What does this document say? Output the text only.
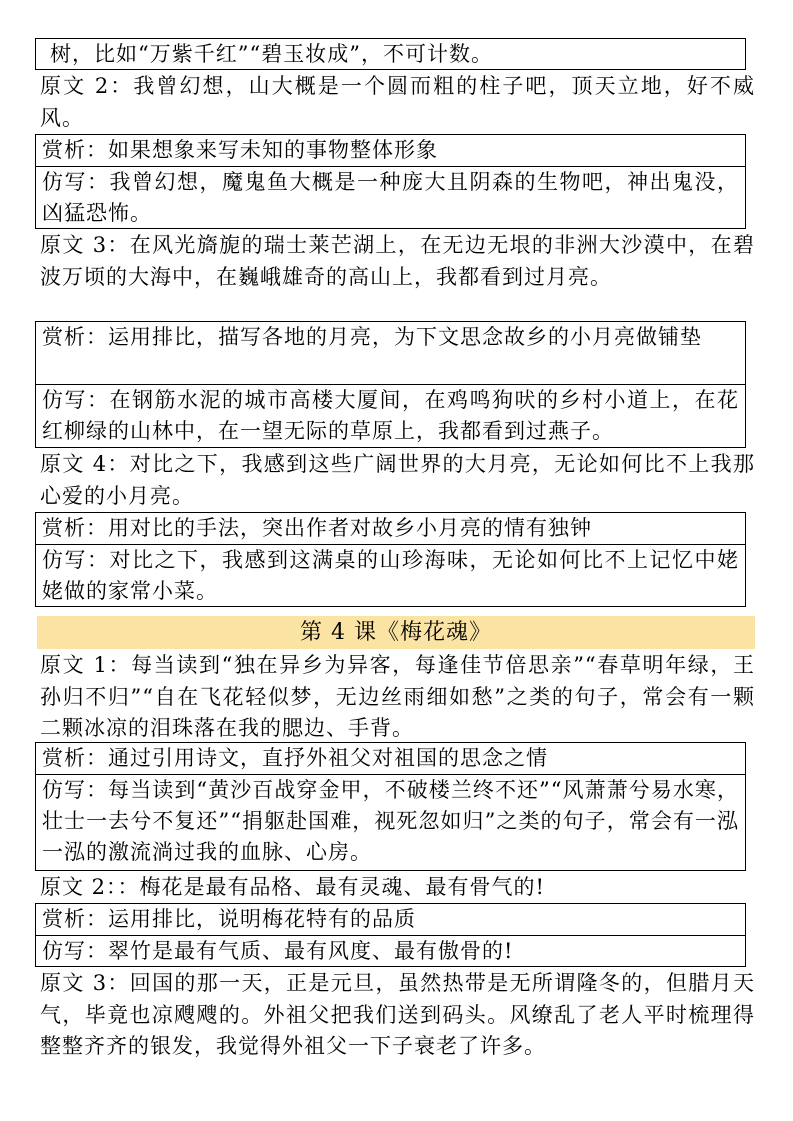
树，比如“万紫千红”“碧玉妆成”，不可计数。

原文 2：我曾幻想，山大概是一个圆而粗的柱子吧，顶天立地，好不威风。

赏析：如果想象来写未知的事物整体形象

仿写：我曾幻想，魔鬼鱼大概是一种庞大且阴森的生物吧，神出鬼没，凶猛恐怖。

原文 3：在风光旖旎的瑞士莱芒湖上，在无边无垠的非洲大沙漠中，在碧波万顷的大海中，在巍峨雄奇的高山上，我都看到过月亮。

赏析：运用排比，描写各地的月亮，为下文思念故乡的小月亮做铺垫

仿写：在钢筋水泥的城市高楼大厦间，在鸡鸣狗吠的乡村小道上，在花红柳绿的山林中，在一望无际的草原上，我都看到过燕子。

原文 4：对比之下，我感到这些广阔世界的大月亮，无论如何比不上我那心爱的小月亮。

赏析：用对比的手法，突出作者对故乡小月亮的情有独钟

仿写：对比之下，我感到这满桌的山珍海味，无论如何比不上记忆中姥姥做的家常小菜。

第 4 课《梅花魂》

原文 1：每当读到“独在异乡为异客，每逢佳节倍思亲”“春草明年绿，王孙归不归”“自在飞花轻似梦，无边丝雨细如愁”之类的句子，常会有一颗二颗冰凉的泪珠落在我的腮边、手背。

赏析：通过引用诗文，直抒外祖父对祖国的思念之情

仿写：每当读到“黄沙百战穿金甲，不破楼兰终不还”“风萧萧兮易水寒，壮士一去兮不复还”“捐躯赴国难，视死忽如归”之类的句子，常会有一泓一泓的激流淌过我的血脉、心房。

原文 2：：梅花是最有品格、最有灵魂、最有骨气的!

赏析：运用排比，说明梅花特有的品质

仿写：翠竹是最有气质、最有风度、最有傲骨的!

原文 3：回国的那一天，正是元旦，虽然热带是无所谓隆冬的，但腊月天气，毕竟也凉飕飕的。外祖父把我们送到码头。风缭乱了老人平时梳理得整整齐齐的银发，我觉得外祖父一下子衰老了许多。
